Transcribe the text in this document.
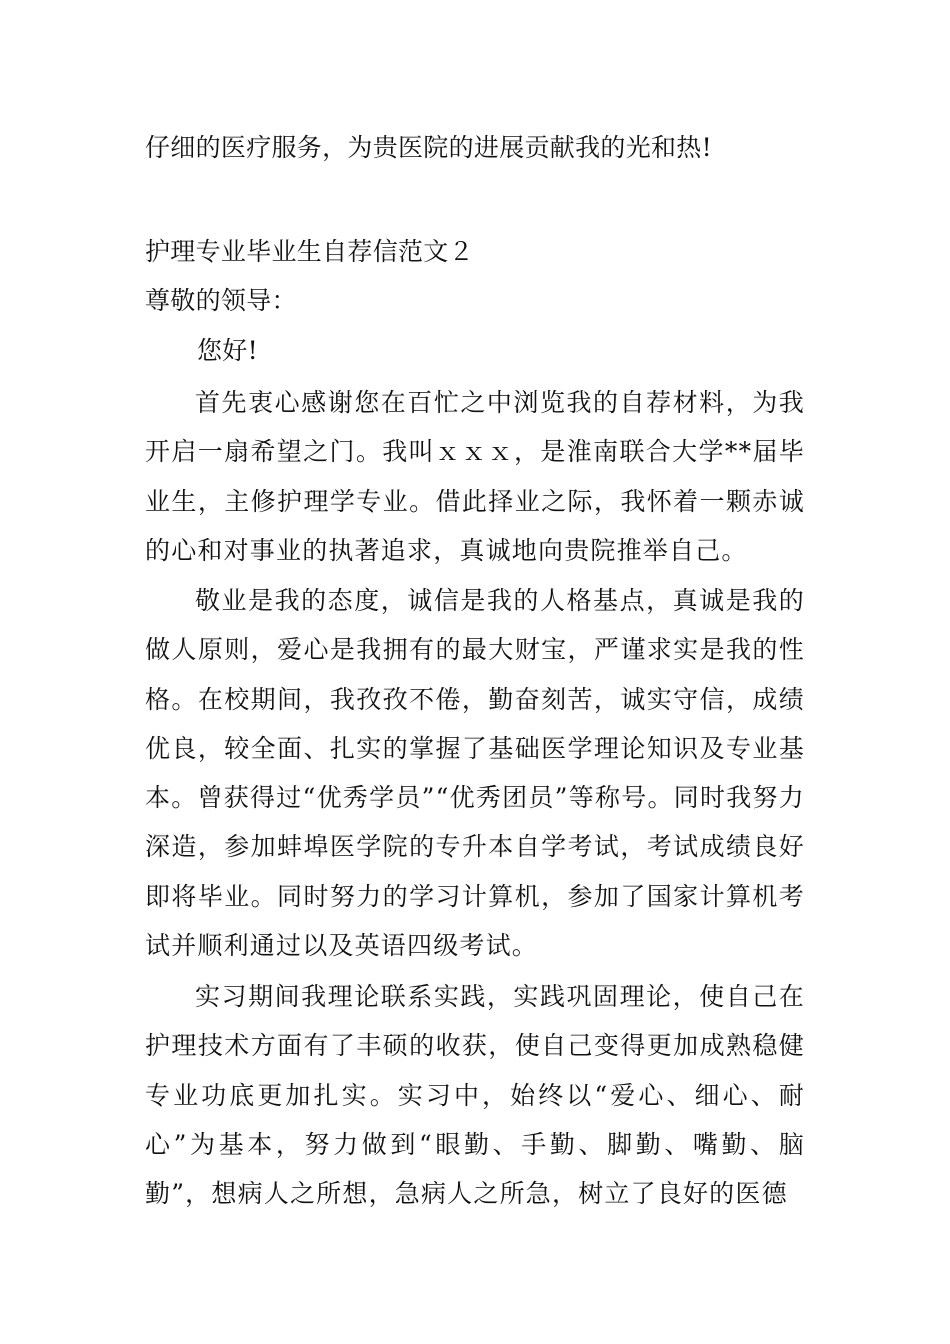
仔细的医疗服务，为贵医院的进展贡献我的光和热!

护理专业毕业生自荐信范文２

尊敬的领导：

您好!

首先衷心感谢您在百忙之中浏览我的自荐材料，为我开启一扇希望之门。我叫ｘｘｘ，是淮南联合大学**届毕业生，主修护理学专业。借此择业之际，我怀着一颗赤诚的心和对事业的执著追求，真诚地向贵院推举自己。

敬业是我的态度，诚信是我的人格基点，真诚是我的做人原则，爱心是我拥有的最大财宝，严谨求实是我的性格。在校期间，我孜孜不倦，勤奋刻苦，诚实守信，成绩优良，较全面、扎实的掌握了基础医学理论知识及专业基本。曾获得过“优秀学员”“优秀团员”等称号。同时我努力深造，参加蚌埠医学院的专升本自学考试，考试成绩良好即将毕业。同时努力的学习计算机，参加了国家计算机考试并顺利通过以及英语四级考试。

实习期间我理论联系实践，实践巩固理论，使自己在护理技术方面有了丰硕的收获，使自己变得更加成熟稳健专业功底更加扎实。实习中，始终以“爱心、细心、耐心”为基本，努力做到“眼勤、手勤、脚勤、嘴勤、脑勤”，想病人之所想，急病人之所急，树立了良好的医德
